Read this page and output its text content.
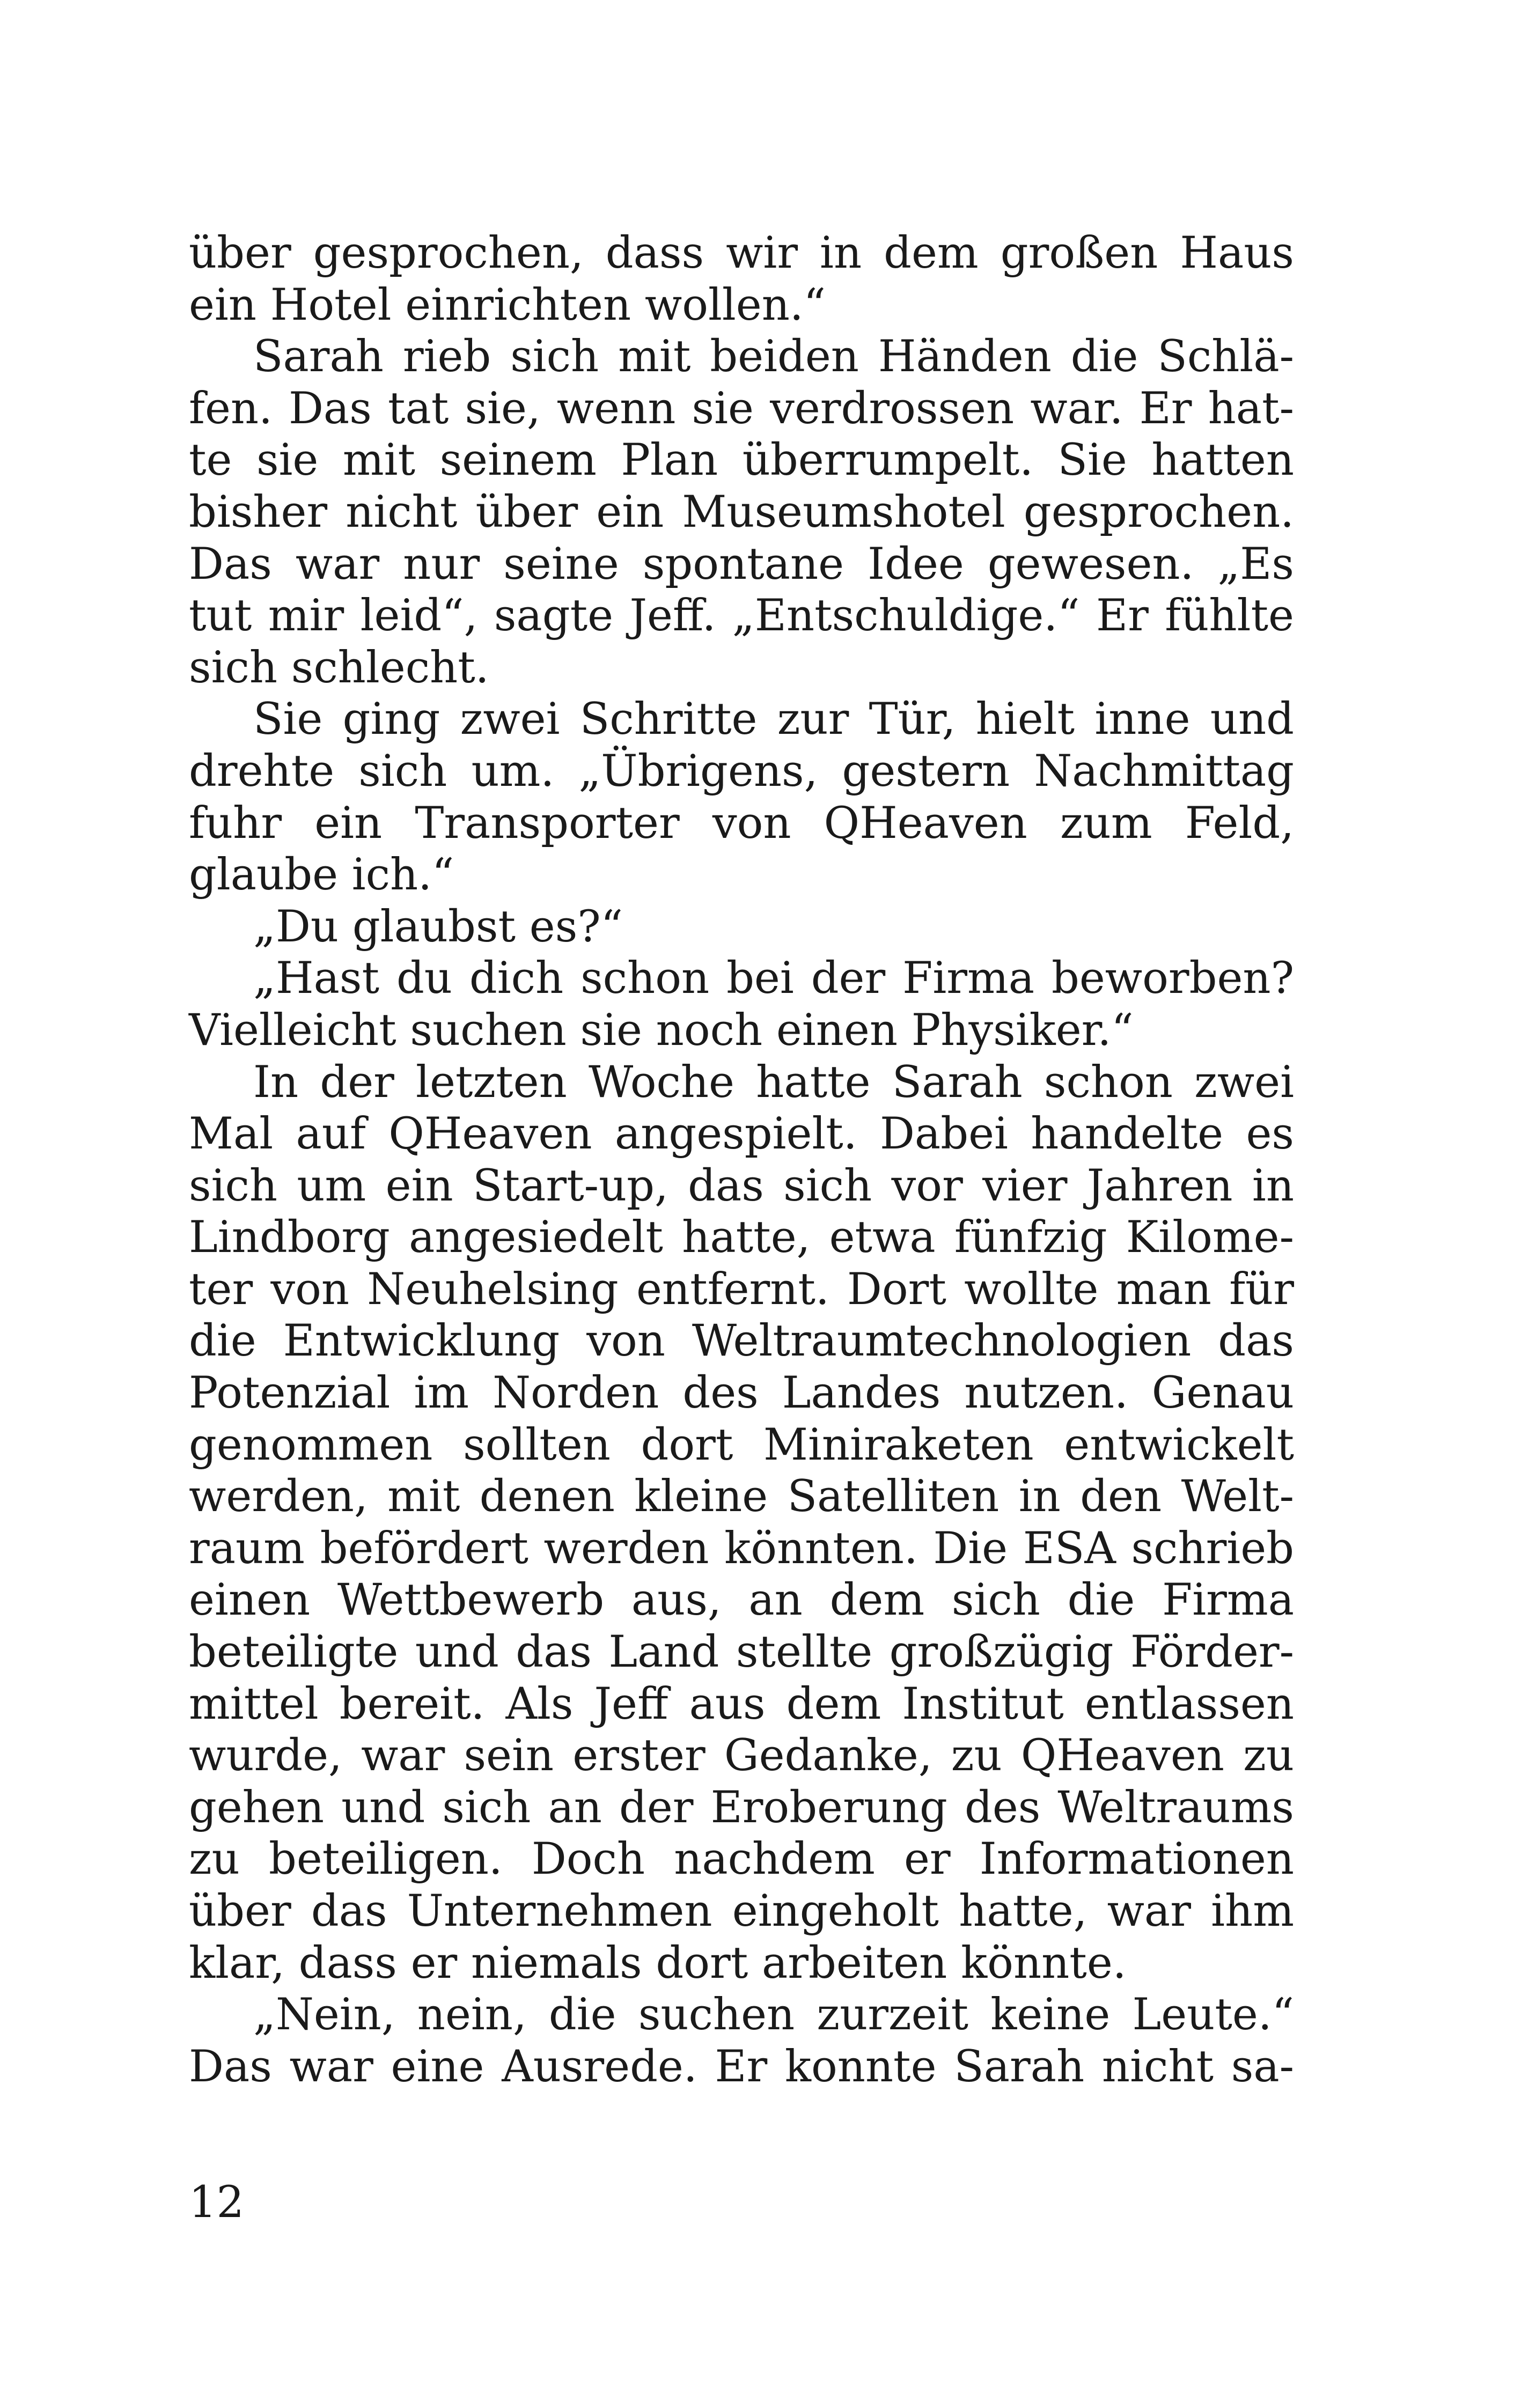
über gesprochen, dass wir in dem großen Haus
ein Hotel einrichten wollen.“
Sarah rieb sich mit beiden Händen die Schlä-
fen. Das tat sie, wenn sie verdrossen war. Er hat-
te sie mit seinem Plan überrumpelt. Sie hatten
bisher nicht über ein Museumshotel gesprochen.
Das war nur seine spontane Idee gewesen. „Es
tut mir leid“, sagte Jeff. „Entschuldige.“ Er fühlte
sich schlecht.
Sie ging zwei Schritte zur Tür, hielt inne und
drehte sich um. „Übrigens, gestern Nachmittag
fuhr ein Transporter von QHeaven zum Feld,
glaube ich.“
„Du glaubst es?“
„Hast du dich schon bei der Firma beworben?
Vielleicht suchen sie noch einen Physiker.“
In der letzten Woche hatte Sarah schon zwei
Mal auf QHeaven angespielt. Dabei handelte es
sich um ein Start-up, das sich vor vier Jahren in
Lindborg angesiedelt hatte, etwa fünfzig Kilome-
ter von Neuhelsing entfernt. Dort wollte man für
die Entwicklung von Weltraumtechnologien das
Potenzial im Norden des Landes nutzen. Genau
genommen sollten dort Miniraketen entwickelt
werden, mit denen kleine Satelliten in den Welt-
raum befördert werden könnten. Die ESA schrieb
einen Wettbewerb aus, an dem sich die Firma
beteiligte und das Land stellte großzügig Förder-
mittel bereit. Als Jeff aus dem Institut entlassen
wurde, war sein erster Gedanke, zu QHeaven zu
gehen und sich an der Eroberung des Weltraums
zu beteiligen. Doch nachdem er Informationen
über das Unternehmen eingeholt hatte, war ihm
klar, dass er niemals dort arbeiten könnte.
„Nein, nein, die suchen zurzeit keine Leute.“
Das war eine Ausrede. Er konnte Sarah nicht sa-
12
